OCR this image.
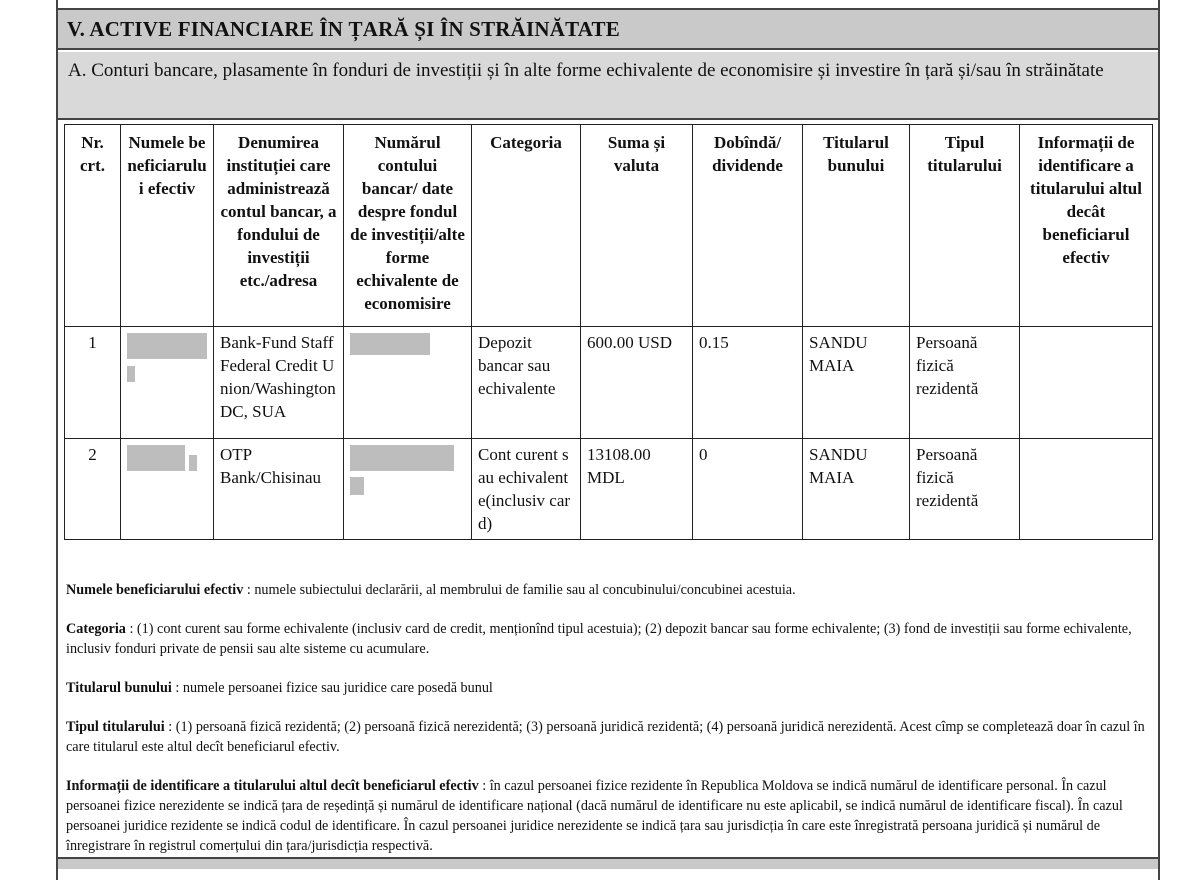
V. ACTIVE FINANCIARE ÎN ȚARĂ ȘI ÎN STRĂINĂTATE
A. Conturi bancare, plasamente în fonduri de investiții și în alte forme echivalente de economisire și investire în țară și/sau în străinătate
Nr. crt.	Numele be neficiarulu i efectiv	Denumirea instituției care administrează contul bancar, a fondului de investiții etc./adresa	Numărul contului bancar/ date despre fondul de investiții/alte forme echivalente de economisire	Categoria	Suma și valuta	Dobîndă/ dividende	Titularul bunului	Tipul titularului	Informații de identificare a titularului altul decât beneficiarul efectiv
1		Bank-Fund Staff Federal Credit Union/Washington DC, SUA		Depozit bancar sau echivalente	600.00 USD	0.15	SANDU MAIA	Persoană fizică rezidentă	
2		OTP Bank/Chisinau		Cont curent sau echivalente(inclusiv card)	13108.00 MDL	0	SANDU MAIA	Persoană fizică rezidentă	

Numele beneficiarului efectiv : numele subiectului declarării, al membrului de familie sau al concubinului/concubinei acestuia.

Categoria : (1) cont curent sau forme echivalente (inclusiv card de credit, menționînd tipul acestuia); (2) depozit bancar sau forme echivalente; (3) fond de investiții sau forme echivalente, inclusiv fonduri private de pensii sau alte sisteme cu acumulare.

Titularul bunului : numele persoanei fizice sau juridice care posedă bunul

Tipul titularului : (1) persoană fizică rezidentă; (2) persoană fizică nerezidentă; (3) persoană juridică rezidentă; (4) persoană juridică nerezidentă. Acest cîmp se completează doar în cazul în care titularul este altul decît beneficiarul efectiv.

Informații de identificare a titularului altul decît beneficiarul efectiv : în cazul persoanei fizice rezidente în Republica Moldova se indică numărul de identificare personal. În cazul persoanei fizice nerezidente se indică țara de reședință și numărul de identificare național (dacă numărul de identificare nu este aplicabil, se indică numărul de identificare fiscal). În cazul persoanei juridice rezidente se indică codul de identificare. În cazul persoanei juridice nerezidente se indică țara sau jurisdicția în care este înregistrată persoana juridică și numărul de înregistrare în registrul comerțului din țara/jurisdicția respectivă.
